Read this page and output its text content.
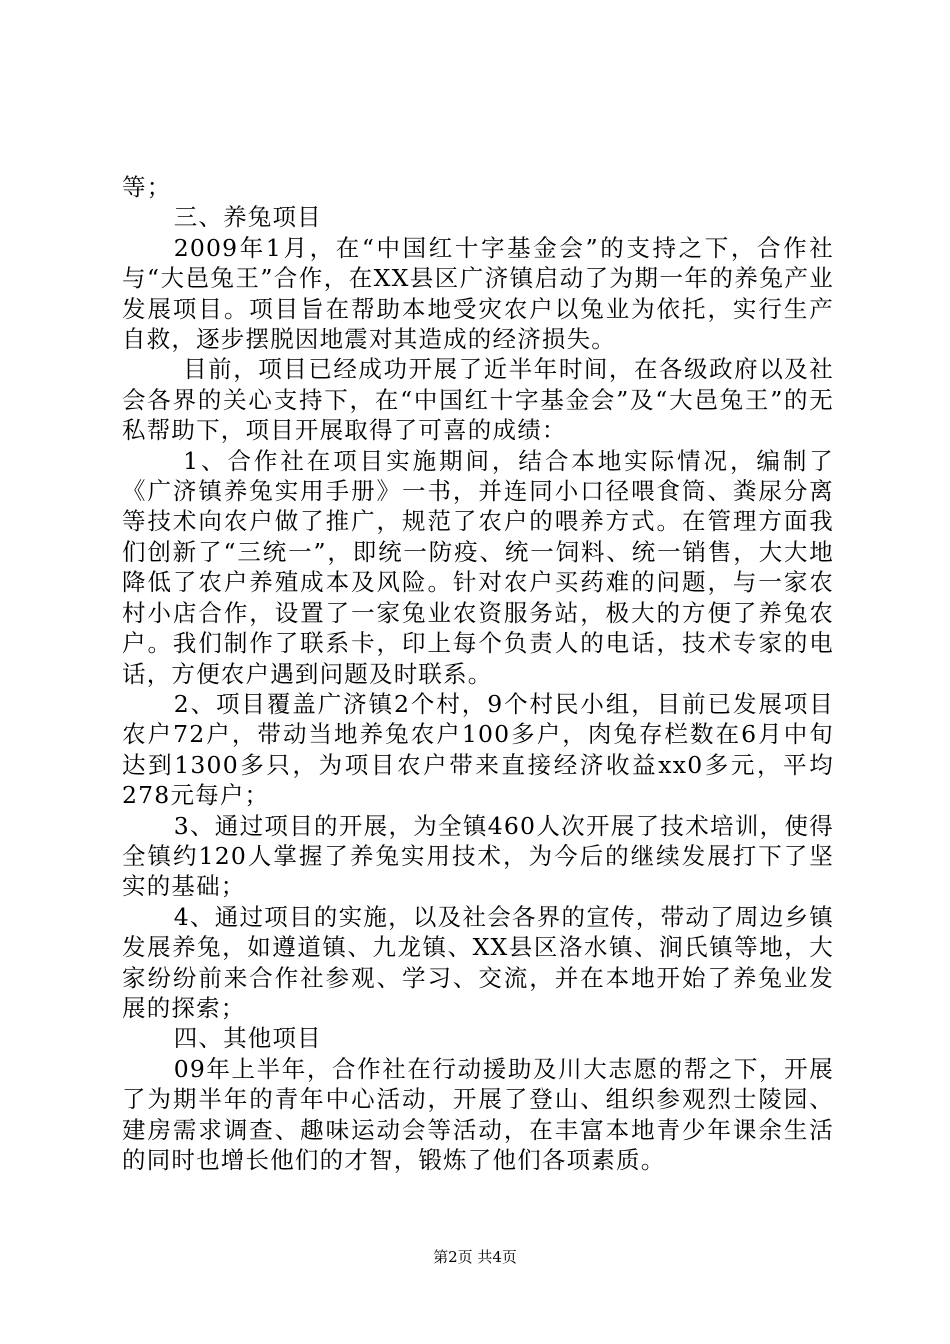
等；

三、养兔项目

2009年1月，在“中国红十字基金会”的支持之下，合作社与“大邑兔王”合作，在XX县区广济镇启动了为期一年的养兔产业发展项目。项目旨在帮助本地受灾农户以兔业为依托，实行生产自救，逐步摆脱因地震对其造成的经济损失。

目前，项目已经成功开展了近半年时间，在各级政府以及社会各界的关心支持下，在“中国红十字基金会”及“大邑兔王”的无私帮助下，项目开展取得了可喜的成绩：

1、合作社在项目实施期间，结合本地实际情况，编制了《广济镇养兔实用手册》一书，并连同小口径喂食筒、粪尿分离等技术向农户做了推广，规范了农户的喂养方式。在管理方面我们创新了“三统一”，即统一防疫、统一饲料、统一销售，大大地降低了农户养殖成本及风险。针对农户买药难的问题，与一家农村小店合作，设置了一家兔业农资服务站，极大的方便了养兔农户。我们制作了联系卡，印上每个负责人的电话，技术专家的电话，方便农户遇到问题及时联系。

2、项目覆盖广济镇2个村，9个村民小组，目前已发展项目农户72户，带动当地养兔农户100多户，肉兔存栏数在6月中旬达到1300多只，为项目农户带来直接经济收益xx0多元，平均278元每户；

3、通过项目的开展，为全镇460人次开展了技术培训，使得全镇约120人掌握了养兔实用技术，为今后的继续发展打下了坚实的基础；

4、通过项目的实施，以及社会各界的宣传，带动了周边乡镇发展养兔，如遵道镇、九龙镇、XX县区洛水镇、涧氏镇等地，大家纷纷前来合作社参观、学习、交流，并在本地开始了养兔业发展的探索；

四、其他项目

09年上半年，合作社在行动援助及川大志愿的帮之下，开展了为期半年的青年中心活动，开展了登山、组织参观烈士陵园、建房需求调查、趣味运动会等活动，在丰富本地青少年课余生活的同时也增长他们的才智，锻炼了他们各项素质。

第2页 共4页
